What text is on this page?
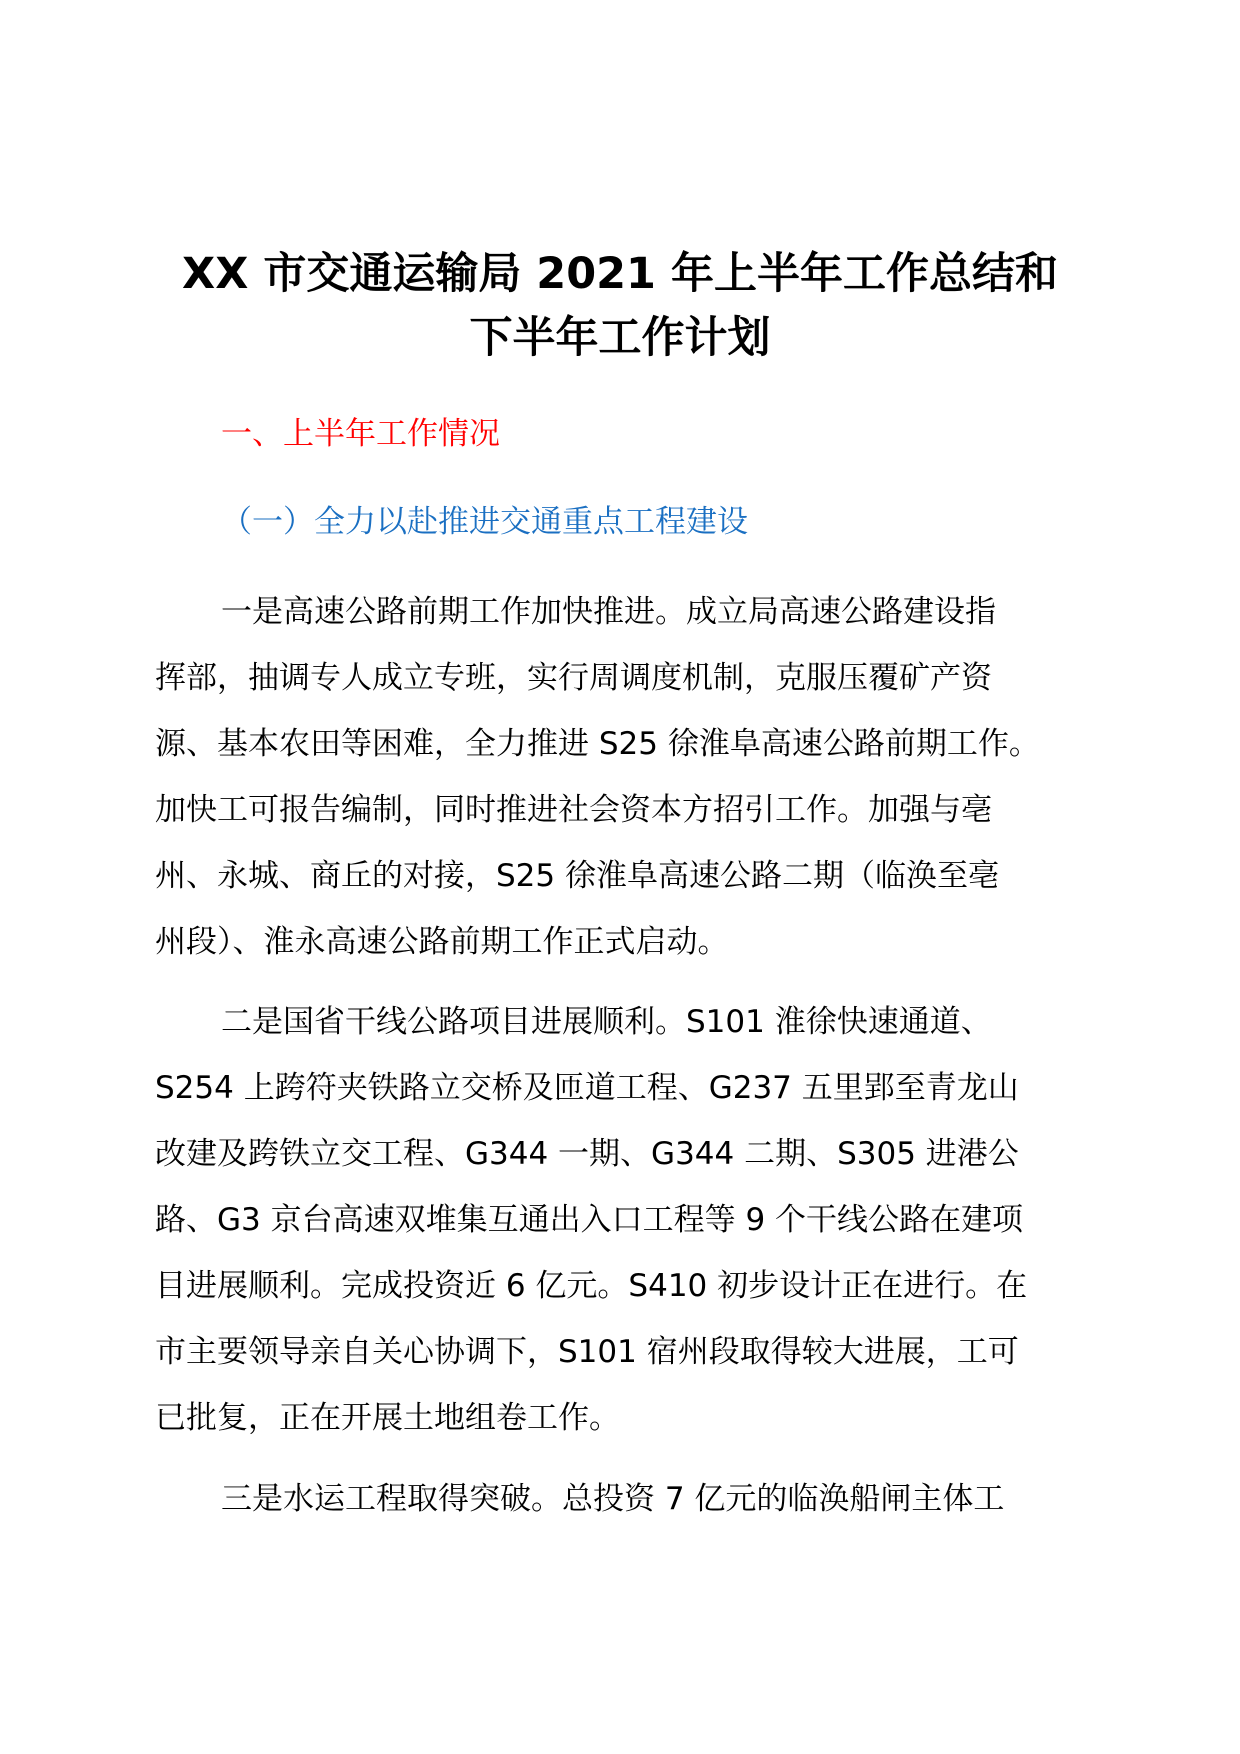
XX 市交通运输局 2021 年上半年工作总结和
下半年工作计划
一、上半年工作情况
（一）全力以赴推进交通重点工程建设

一是高速公路前期工作加快推进。成立局高速公路建设指
挥部，抽调专人成立专班，实行周调度机制，克服压覆矿产资
源、基本农田等困难，全力推进 S25 徐淮阜高速公路前期工作。
加快工可报告编制，同时推进社会资本方招引工作。加强与亳
州、永城、商丘的对接，S25 徐淮阜高速公路二期（临涣至亳
州段）、淮永高速公路前期工作正式启动。

二是国省干线公路项目进展顺利。S101 淮徐快速通道、
S254 上跨符夹铁路立交桥及匝道工程、G237 五里郢至青龙山
改建及跨铁立交工程、G344 一期、G344 二期、S305 进港公
路、G3 京台高速双堆集互通出入口工程等 9 个干线公路在建项
目进展顺利。完成投资近 6 亿元。S410 初步设计正在进行。在
市主要领导亲自关心协调下，S101 宿州段取得较大进展，工可
已批复，正在开展土地组卷工作。

三是水运工程取得突破。总投资 7 亿元的临涣船闸主体工
